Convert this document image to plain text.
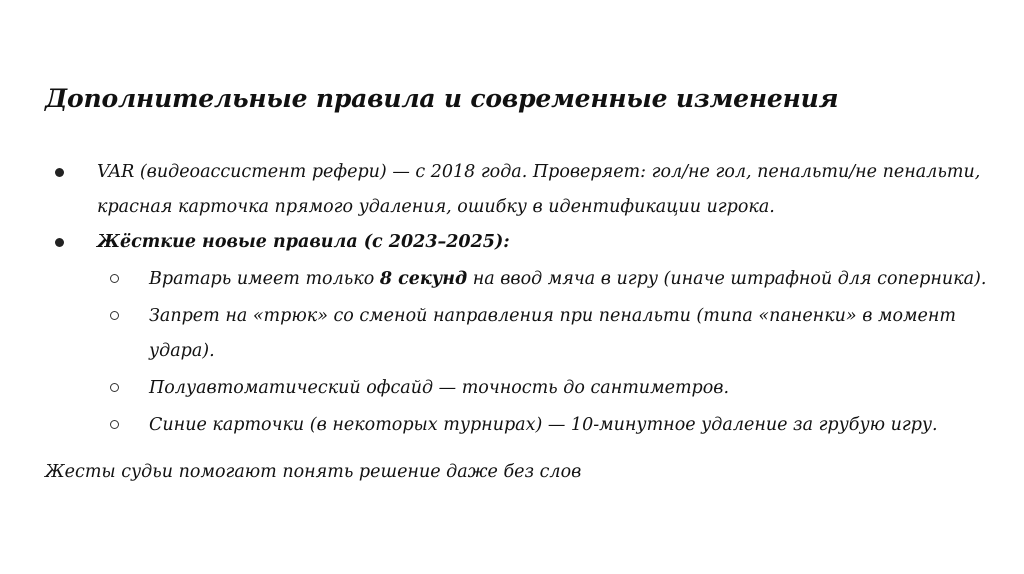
Дополнительные правила и современные изменения
VAR (видеоассистент рефери) — с 2018 года. Проверяет: гол/не гол, пенальти/не пенальти, красная карточка прямого удаления, ошибку в идентификации игрока.
Жёсткие новые правила (с 2023–2025):
Вратарь имеет только 8 секунд на ввод мяча в игру (иначе штрафной для соперника).
Запрет на «трюк» со сменой направления при пенальти (типа «паненки» в момент удара).
Полуавтоматический офсайд — точность до сантиметров.
Синие карточки (в некоторых турнирах) — 10-минутное удаление за грубую игру.
Жесты судьи помогают понять решение даже без слов
